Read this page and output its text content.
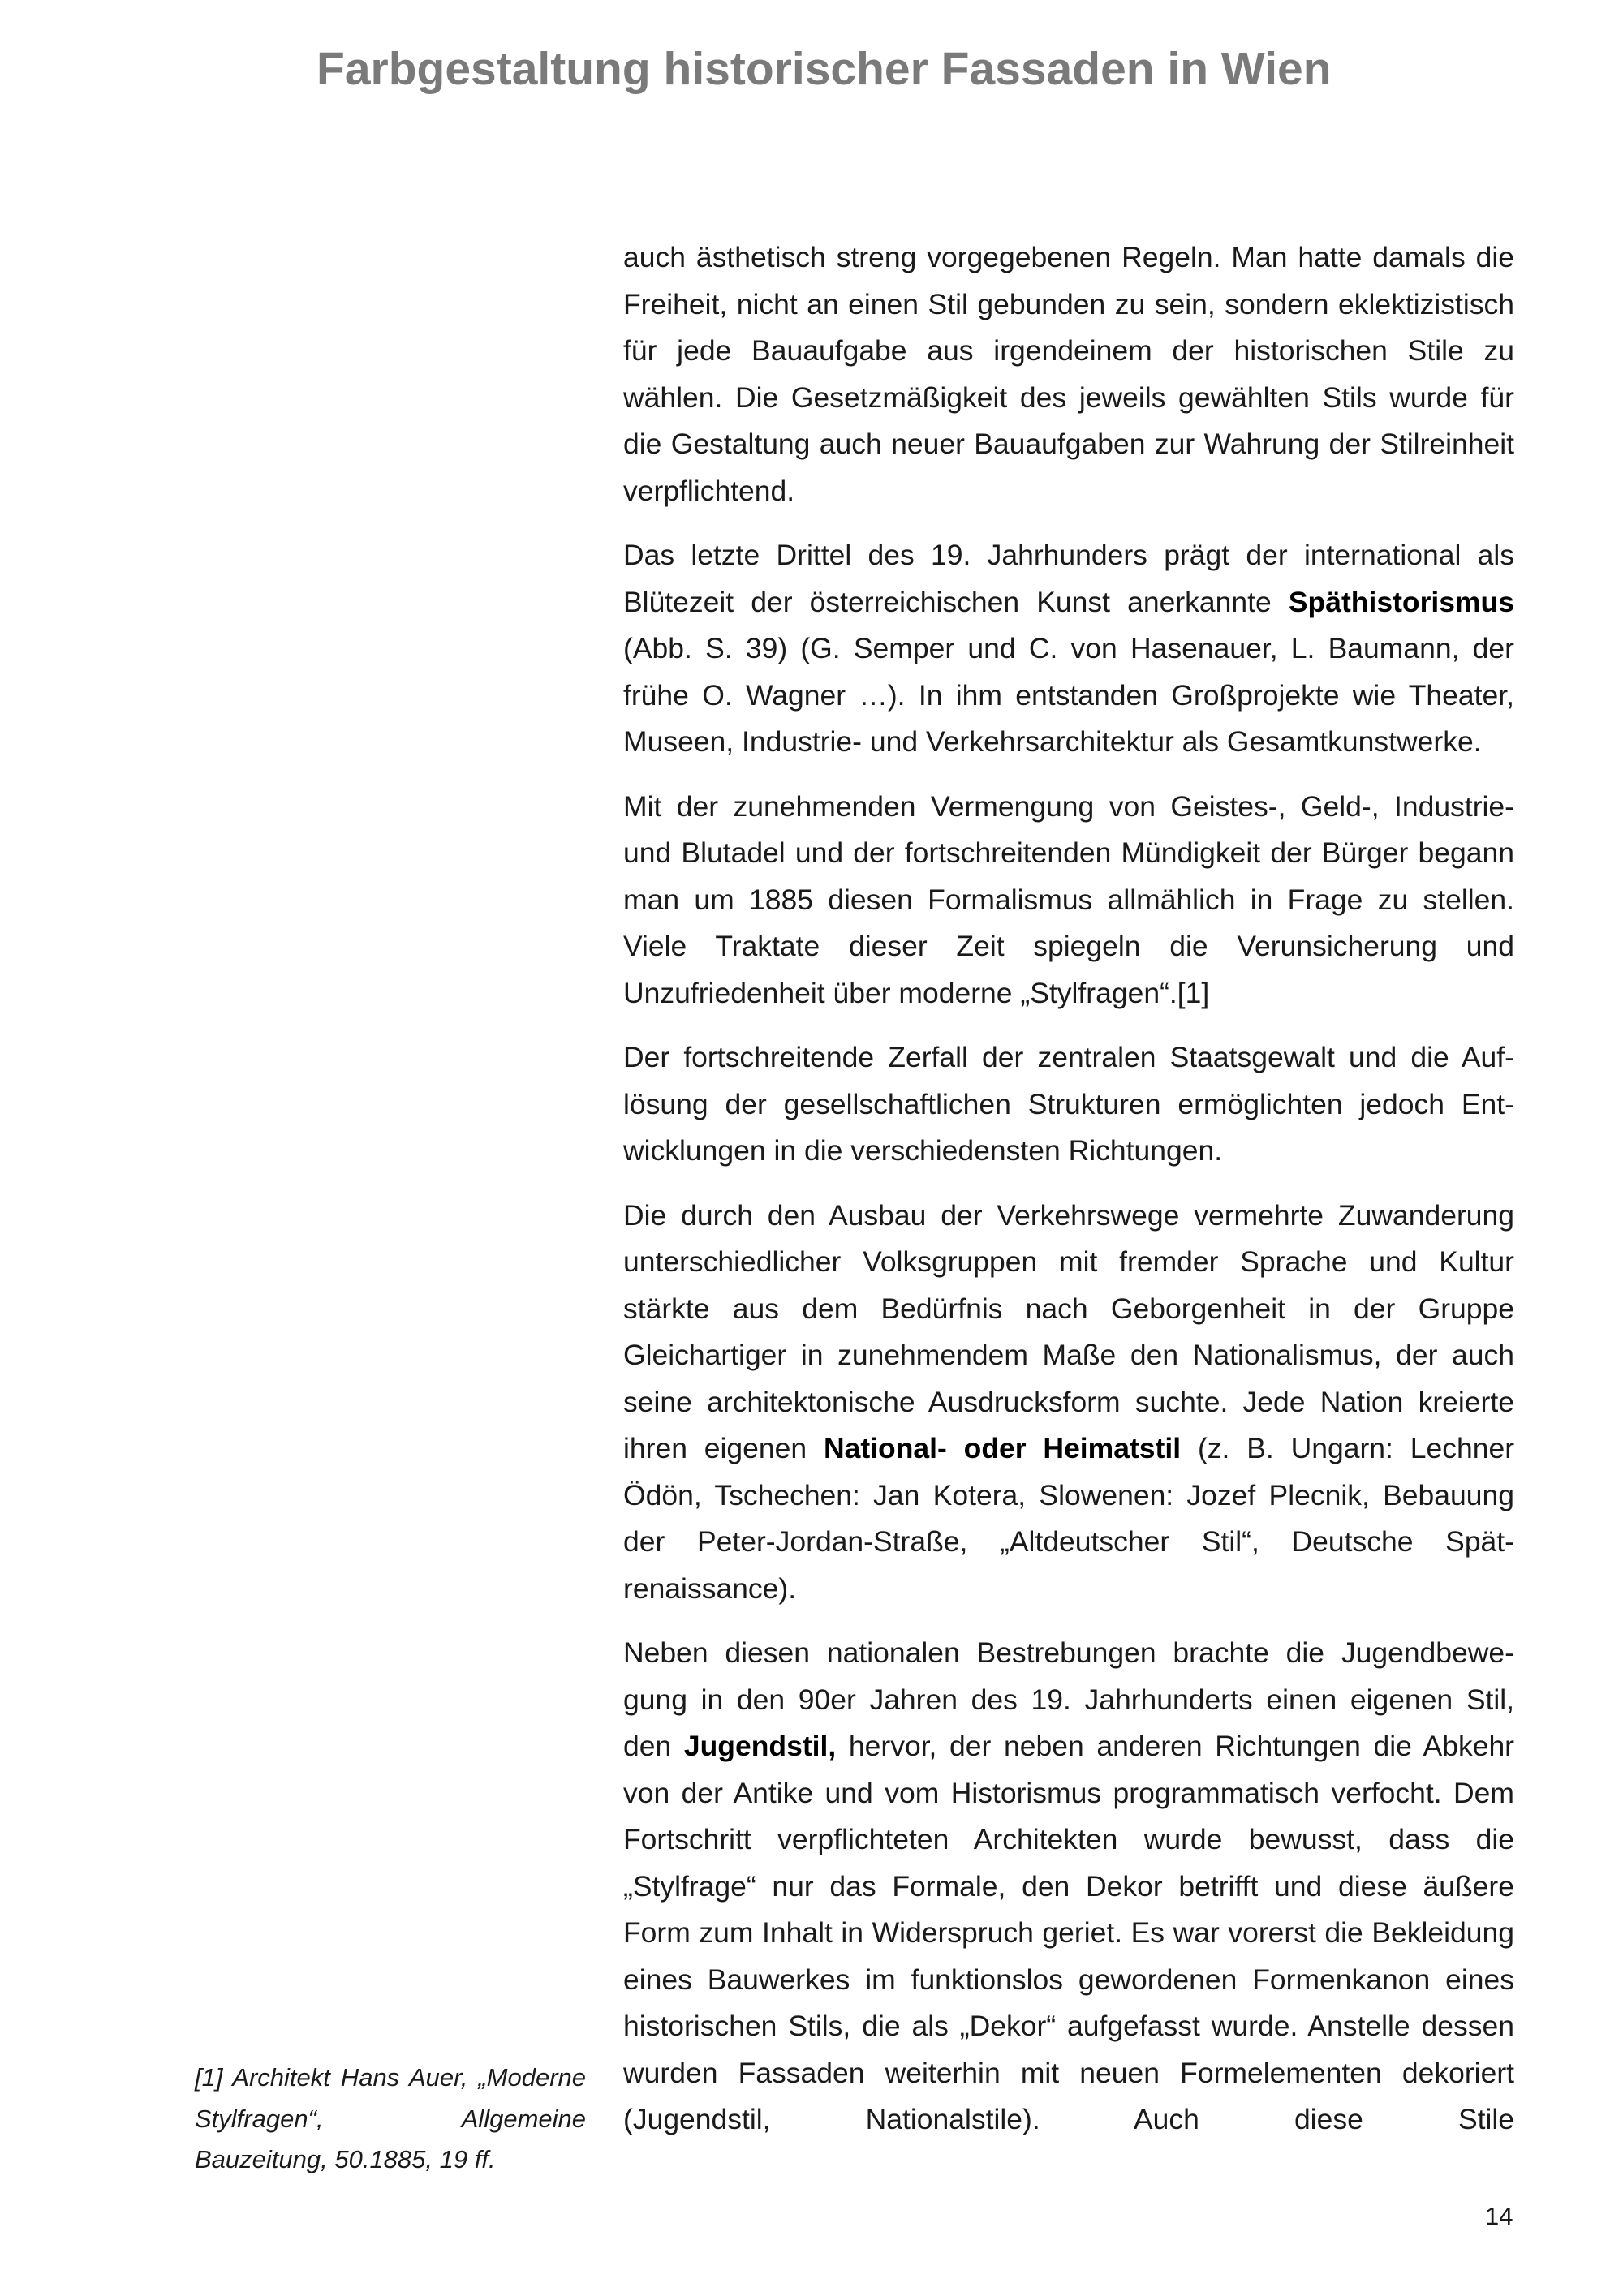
Farbgestaltung historischer Fassaden in Wien

auch ästhetisch streng vorgegebenen Regeln. Man hatte damals die Freiheit, nicht an einen Stil gebunden zu sein, sondern eklektizistisch für jede Bauaufgabe aus irgendeinem der historischen Stile zu wählen. Die Gesetzmäßigkeit des jeweils gewählten Stils wurde für die Gestaltung auch neuer Bauaufgaben zur Wahrung der Stilreinheit verpflichtend.

Das letzte Drittel des 19. Jahrhunders prägt der international als Blütezeit der österreichischen Kunst anerkannte Späthistorismus (Abb. S. 39) (G. Semper und C. von Hasenauer, L. Baumann, der frühe O. Wagner …). In ihm entstanden Großprojekte wie Theater, Museen, Industrie- und Verkehrsarchitektur als Gesamtkunstwerke.

Mit der zunehmenden Vermengung von Geistes-, Geld-, Industrie- und Blutadel und der fortschreitenden Mündigkeit der Bürger begann man um 1885 diesen Formalismus allmählich in Frage zu stellen. Viele Traktate dieser Zeit spiegeln die Verunsicherung und Unzufriedenheit über moderne „Stylfragen“.[1]

Der fortschreitende Zerfall der zentralen Staatsgewalt und die Auflösung der gesellschaftlichen Strukturen ermöglichten jedoch Entwicklungen in die verschiedensten Richtungen.

Die durch den Ausbau der Verkehrswege vermehrte Zuwanderung unterschiedlicher Volksgruppen mit fremder Sprache und Kultur stärkte aus dem Bedürfnis nach Geborgenheit in der Gruppe Gleichartiger in zunehmendem Maße den Nationalismus, der auch seine architektonische Ausdrucksform suchte. Jede Nation kreierte ihren eigenen National- oder Heimatstil (z. B. Ungarn: Lechner Ödön, Tschechen: Jan Kotera, Slowenen: Jozef Plecnik, Bebauung der Peter-Jordan-Straße, „Altdeutscher Stil“, Deutsche Spätrenaissance).

Neben diesen nationalen Bestrebungen brachte die Jugendbewegung in den 90er Jahren des 19. Jahrhunderts einen eigenen Stil, den Jugendstil, hervor, der neben anderen Richtungen die Abkehr von der Antike und vom Historismus programmatisch verfocht. Dem Fortschritt verpflichteten Architekten wurde bewusst, dass die „Stylfrage“ nur das Formale, den Dekor betrifft und diese äußere Form zum Inhalt in Widerspruch geriet. Es war vorerst die Bekleidung eines Bauwerkes im funktionslos gewordenen Formenkanon eines historischen Stils, die als „Dekor“ aufgefasst wurde. Anstelle dessen wurden Fassaden weiterhin mit neuen Formelementen dekoriert (Jugendstil, Nationalstile). Auch diese Stile

[1] Architekt Hans Auer, „Moderne Stylfragen“, Allgemeine Bauzeitung, 50.1885, 19 ff.
14
